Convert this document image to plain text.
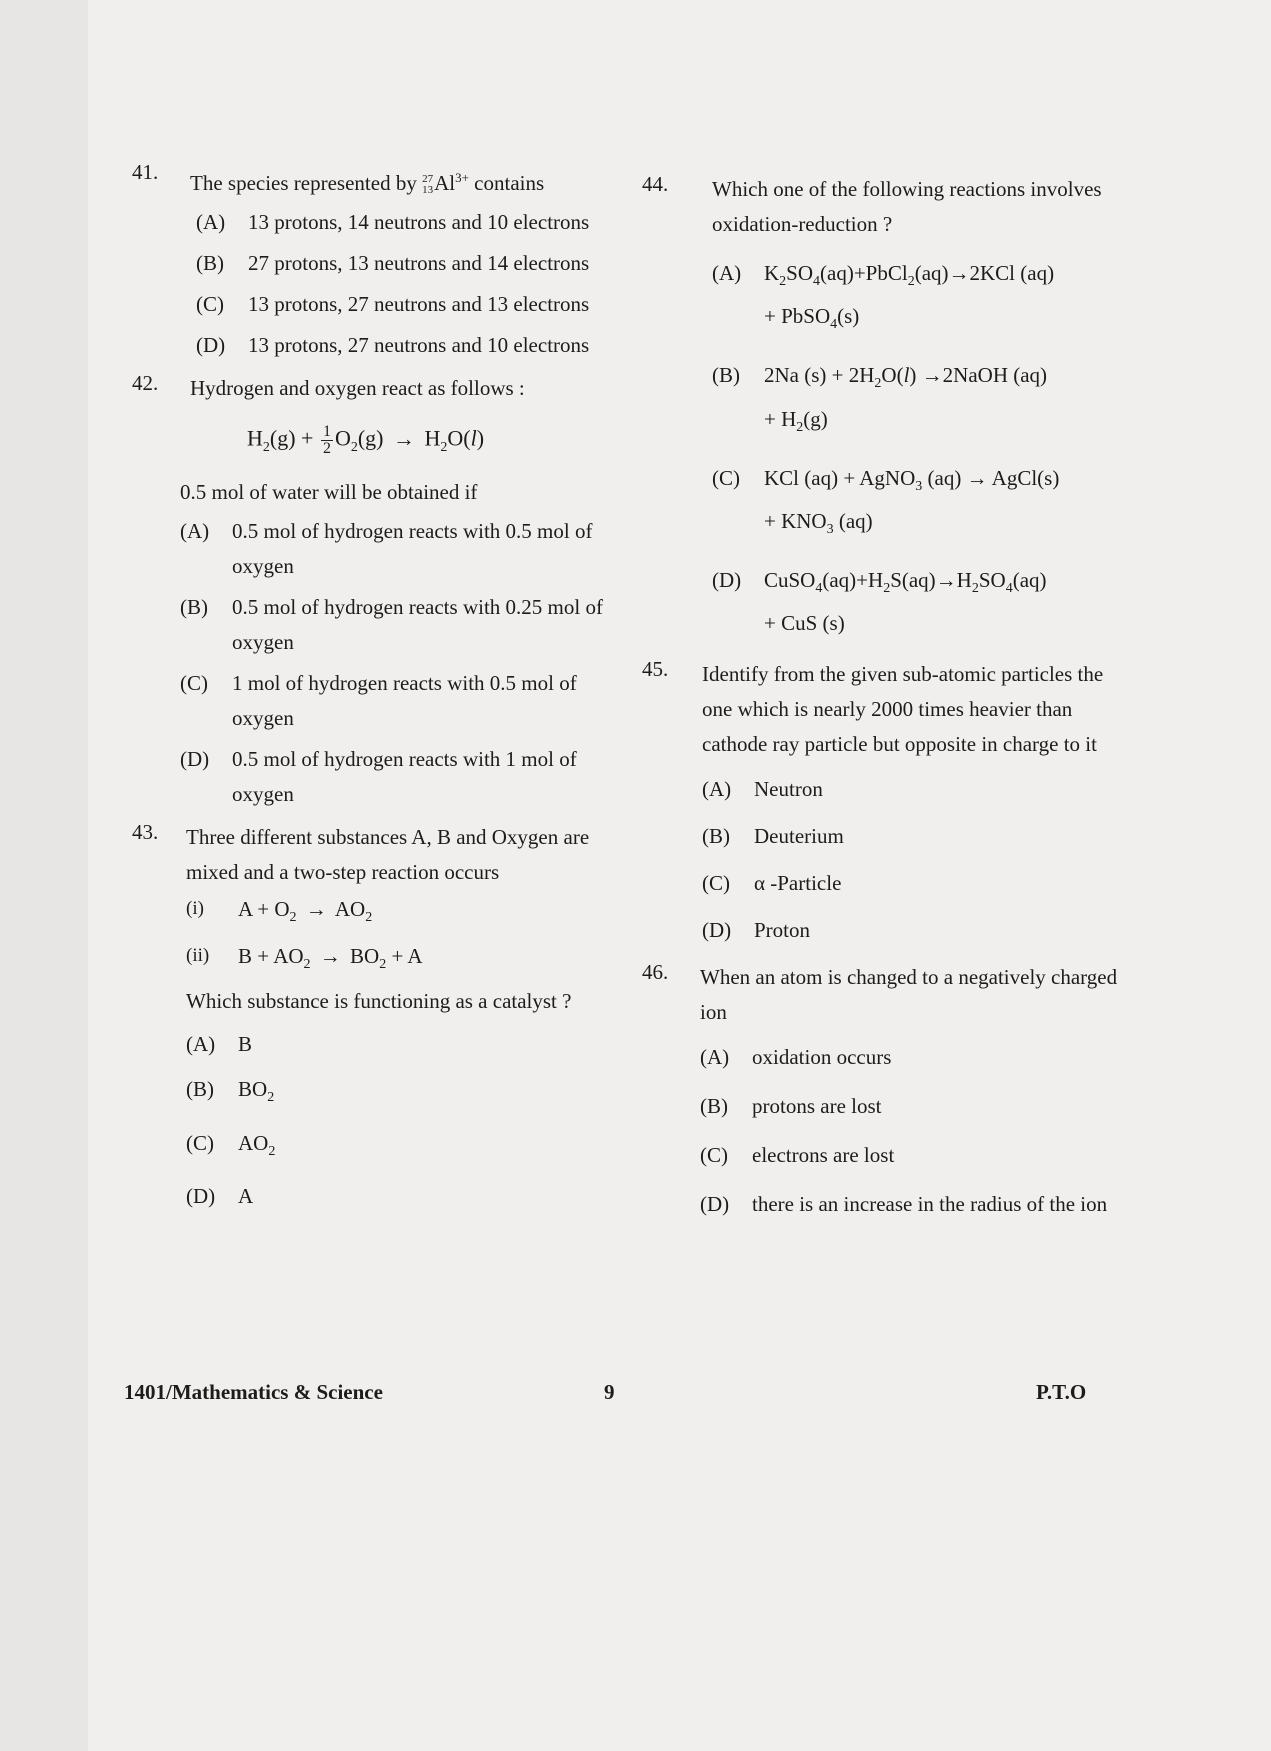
41. The species represented by 27
13 $Al^{3+}$ contains
(A) 13 protons, 14 neutrons and 10 electrons
(B) 27 protons, 13 neutrons and 14 electrons
(C) 13 protons, 27 neutrons and 13 electrons
(D) 13 protons, 27 neutrons and 10 electrons
42. Hydrogen and oxygen react as follows :
$H_2(g) + \frac{1}{2} O_2(g) \to H_2O(l)$
0.5 mol of water will be obtained if
(A) 0.5 mol of hydrogen reacts with 0.5 mol of oxygen
(B) 0.5 mol of hydrogen reacts with 0.25 mol of oxygen
(C) 1 mol of hydrogen reacts with 0.5 mol of oxygen
(D) 0.5 mol of hydrogen reacts with 1 mol of oxygen
43. Three different substances A, B and Oxygen are mixed and a two-step reaction occurs
(i) $A + O_2 \to AO_2$
(ii) $B + AO_2 \to BO_2 + A$
Which substance is functioning as a catalyst ?
(A) B
(B) $BO_2$
(C) $AO_2$
(D) A
44. Which one of the following reactions involves oxidation-reduction ?
(A) $K_2SO_4(aq)+PbCl_2(aq)\to 2KCl$ (aq)
+ PbSO$_4$(s)
(B) 2Na $(s) + 2H_2O(l)$ →2NaOH (aq)
+ $H_2(g)$
(C) KCl (aq) + AgNO$_3$ (aq) → AgCl(s)
+ $KNO_3$ (aq)
(D) $CuSO_4(aq)+H_2S(aq)\to H_2SO_4(aq)$
+ CuS (s)
45. Identify from the given sub-atomic particles the one which is nearly 2000 times heavier than cathode ray particle but opposite in charge to it
(A) Neutron
(B) Deuterium
(C) α -Particle
(D) Proton
46. When an atom is changed to a negatively charged ion
(A) oxidation occurs
(B) protons are lost
(C) electrons are lost
(D) there is an increase in the radius of the ion
1401/Mathematics & Science	9	P.T.O
